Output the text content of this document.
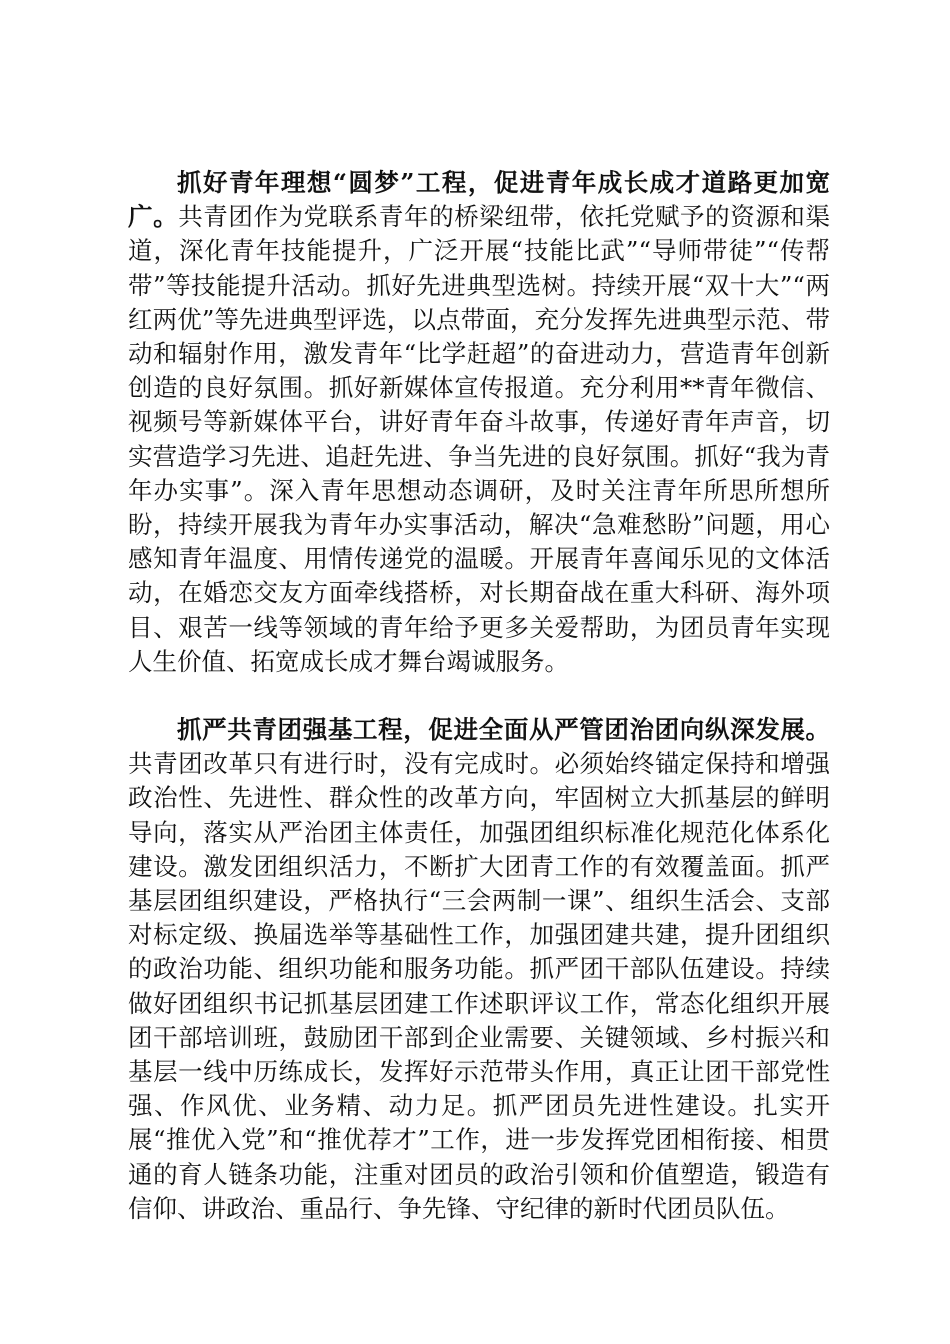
抓好青年理想“圆梦”工程，促进青年成长成才道路更加宽广。共青团作为党联系青年的桥梁纽带，依托党赋予的资源和渠道，深化青年技能提升，广泛开展“技能比武”“导师带徒”“传帮带”等技能提升活动。抓好先进典型选树。持续开展“双十大”“两红两优”等先进典型评选，以点带面，充分发挥先进典型示范、带动和辐射作用，激发青年“比学赶超”的奋进动力，营造青年创新创造的良好氛围。抓好新媒体宣传报道。充分利用**青年微信、视频号等新媒体平台，讲好青年奋斗故事，传递好青年声音，切实营造学习先进、追赶先进、争当先进的良好氛围。抓好“我为青年办实事”。深入青年思想动态调研，及时关注青年所思所想所盼，持续开展我为青年办实事活动，解决“急难愁盼”问题，用心感知青年温度、用情传递党的温暖。开展青年喜闻乐见的文体活动，在婚恋交友方面牵线搭桥，对长期奋战在重大科研、海外项目、艰苦一线等领域的青年给予更多关爱帮助，为团员青年实现人生价值、拓宽成长成才舞台竭诚服务。

抓严共青团强基工程，促进全面从严管团治团向纵深发展。共青团改革只有进行时，没有完成时。必须始终锚定保持和增强政治性、先进性、群众性的改革方向，牢固树立大抓基层的鲜明导向，落实从严治团主体责任，加强团组织标准化规范化体系化建设。激发团组织活力，不断扩大团青工作的有效覆盖面。抓严基层团组织建设，严格执行“三会两制一课”、组织生活会、支部对标定级、换届选举等基础性工作，加强团建共建，提升团组织的政治功能、组织功能和服务功能。抓严团干部队伍建设。持续做好团组织书记抓基层团建工作述职评议工作，常态化组织开展团干部培训班，鼓励团干部到企业需要、关键领域、乡村振兴和基层一线中历练成长，发挥好示范带头作用，真正让团干部党性强、作风优、业务精、动力足。抓严团员先进性建设。扎实开展“推优入党”和“推优荐才”工作，进一步发挥党团相衔接、相贯通的育人链条功能，注重对团员的政治引领和价值塑造，锻造有信仰、讲政治、重品行、争先锋、守纪律的新时代团员队伍。
